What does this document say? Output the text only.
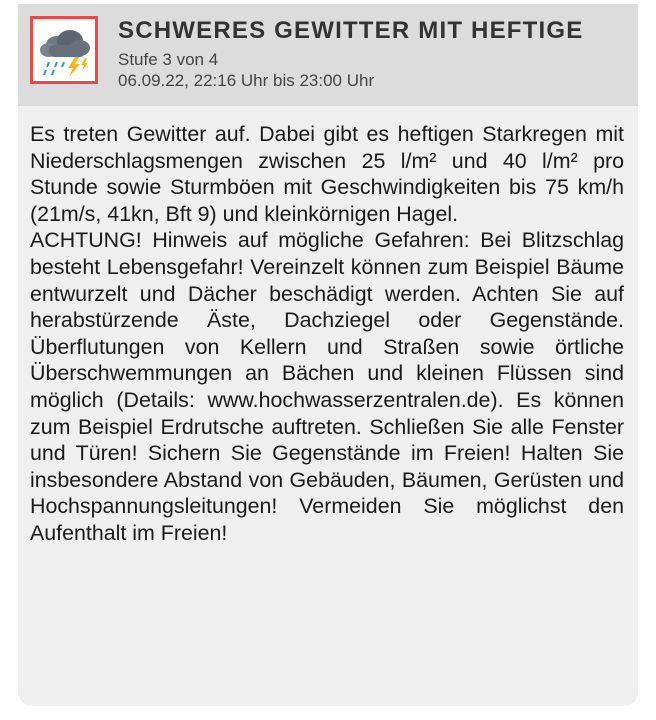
SCHWERES GEWITTER MIT HEFTIGE
Stufe 3 von 4
06.09.22, 22:16 Uhr bis 23:00 Uhr

Es treten Gewitter auf. Dabei gibt es heftigen Starkregen mit Niederschlagsmengen zwischen 25 l/m² und 40 l/m² pro Stunde sowie Sturmböen mit Geschwindigkeiten bis 75 km/h (21m/s, 41kn, Bft 9) und kleinkörnigen Hagel.

ACHTUNG! Hinweis auf mögliche Gefahren: Bei Blitzschlag besteht Lebensgefahr! Vereinzelt können zum Beispiel Bäume entwurzelt und Dächer beschädigt werden. Achten Sie auf herabstürzende Äste, Dachziegel oder Gegenstände. Überflutungen von Kellern und Straßen sowie örtliche Überschwemmungen an Bächen und kleinen Flüssen sind möglich (Details: www.hochwasserzentralen.de). Es können zum Beispiel Erdrutsche auftreten. Schließen Sie alle Fenster und Türen! Sichern Sie Gegenstände im Freien! Halten Sie insbesondere Abstand von Gebäuden, Bäumen, Gerüsten und Hochspannungsleitungen! Vermeiden Sie möglichst den Aufenthalt im Freien!
